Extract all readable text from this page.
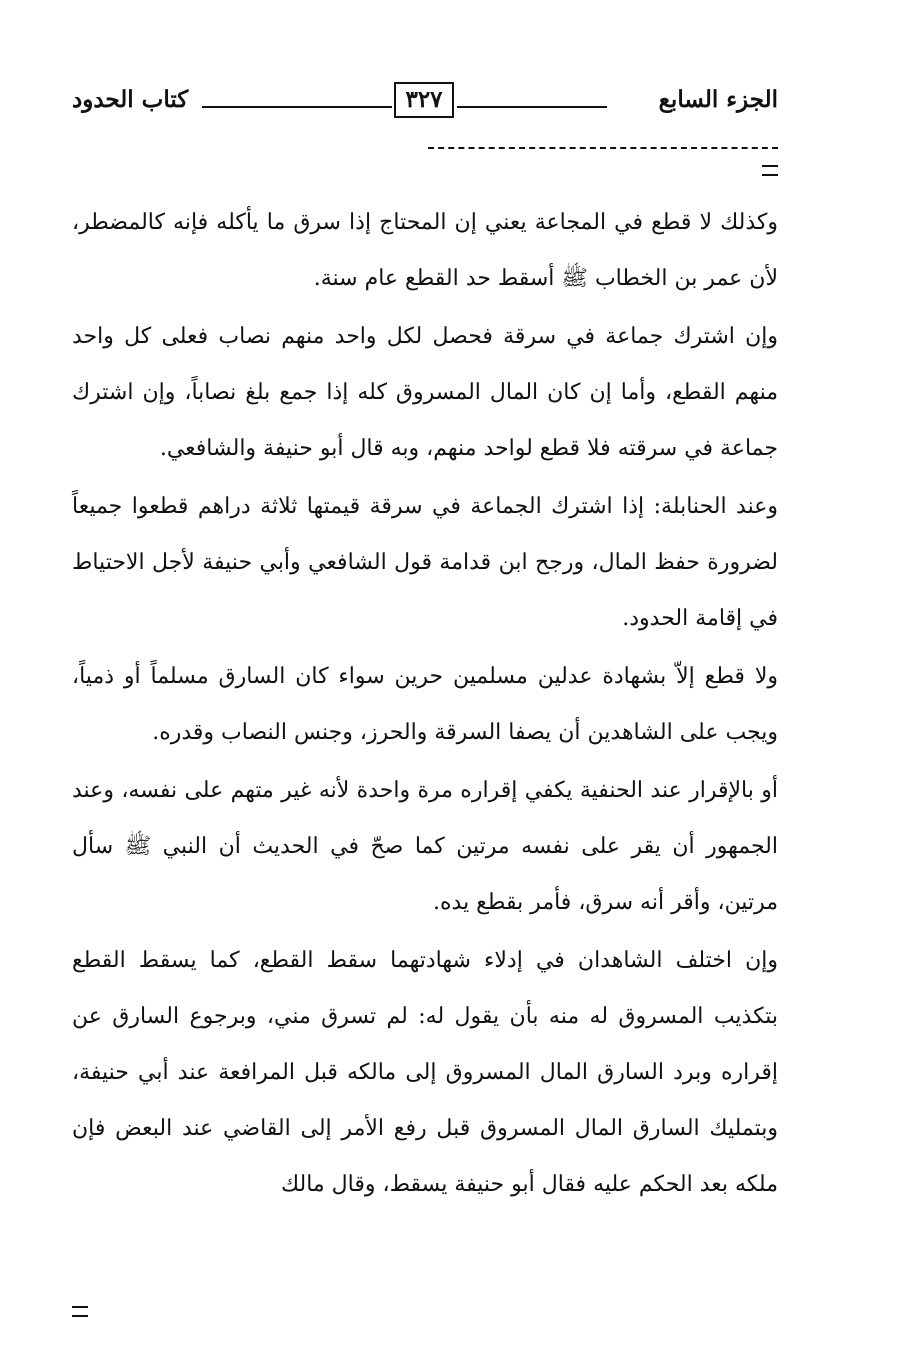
الجزء السابع
٣٢٧
كتاب الحدود

وكذلك لا قطع في المجاعة يعني إن المحتاج إذا سرق ما يأكله فإنه كالمضطر، لأن عمر بن الخطاب ﷺ أسقط حد القطع عام سنة.

وإن اشترك جماعة في سرقة فحصل لكل واحد منهم نصاب فعلى كل واحد منهم القطع، وأما إن كان المال المسروق كله إذا جمع بلغ نصاباً، وإن اشترك جماعة في سرقته فلا قطع لواحد منهم، وبه قال أبو حنيفة والشافعي.

وعند الحنابلة: إذا اشترك الجماعة في سرقة قيمتها ثلاثة دراهم قطعوا جميعاً لضرورة حفظ المال، ورجح ابن قدامة قول الشافعي وأبي حنيفة لأجل الاحتياط في إقامة الحدود.

ولا قطع إلاّ بشهادة عدلين مسلمين حرين سواء كان السارق مسلماً أو ذمياً، ويجب على الشاهدين أن يصفا السرقة والحرز، وجنس النصاب وقدره.

أو بالإقرار عند الحنفية يكفي إقراره مرة واحدة لأنه غير متهم على نفسه، وعند الجمهور أن يقر على نفسه مرتين كما صحّ في الحديث أن النبي ﷺ سأل مرتين، وأقر أنه سرق، فأمر بقطع يده.

وإن اختلف الشاهدان في إدلاء شهادتهما سقط القطع، كما يسقط القطع بتكذيب المسروق له منه بأن يقول له: لم تسرق مني، وبرجوع السارق عن إقراره وبرد السارق المال المسروق إلى مالكه قبل المرافعة عند أبي حنيفة، وبتمليك السارق المال المسروق قبل رفع الأمر إلى القاضي عند البعض فإن ملكه بعد الحكم عليه فقال أبو حنيفة يسقط، وقال مالك
